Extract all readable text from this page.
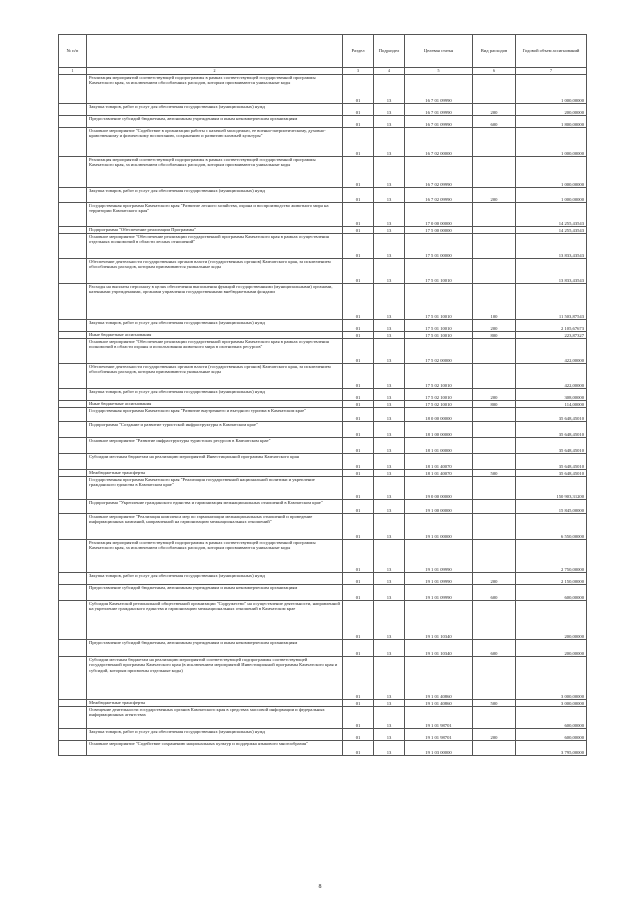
№ п/п		Раздел	Подраздел	Целевая статья	Вид расходов	Годовой объем ассигнований
1	2	3	4	5	6	7
	Реализация мероприятий соответствующей подпрограммы в рамках соответствующей государственной программы Камчатского края, за исключением обособленных расходов, которым присваиваются уникальные коды	01	13	16 7 01 09990		1 000,00000
	Закупка товаров, работ и услуг для обеспечения государственных (муниципальных) нужд	01	13	16 7 01 09990	200	200,00000
	Предоставление субсидий бюджетным, автономным учреждениям и иным некоммерческим организациям	01	13	16 7 01 09990	600	1 800,00000
	Основное мероприятие "Содействие в организации работы с казачьей молодежью, ее военно-патриотическому, духовно-нравственному и физическому воспитанию, сохранению и развитию казачьей культуры"	01	13	16 7 02 00000		1 000,00000
	Реализация мероприятий соответствующей подпрограммы в рамках соответствующей государственной программы Камчатского края, за исключением обособленных расходов, которым присваиваются уникальные коды	01	13	16 7 02 09990		1 000,00000
	Закупка товаров, работ и услуг для обеспечения государственных (муниципальных) нужд	01	13	16 7 02 09990	200	1 000,00000
	Государственная программа Камчатского края "Развитие лесного хозяйства, охрана и воспроизводство животного мира на территории Камчатского края"	01	13	17 0 00 00000		14 255,43543
	Подпрограмма "Обеспечение реализации Программы"	01	13	17 5 00 00000		14 255,43543
	Основное мероприятие "Обеспечение реализации государственной программы Камчатского края в рамках осуществления отдельных полномочий в области лесных отношений"	01	13	17 5 01 00000		13 833,43543
	Обеспечение деятельности государственных органов власти (государственных органов) Камчатского края, за исключением обособленных расходов, которым присваиваются уникальные коды	01	13	17 5 01 10010		13 833,43543
	Расходы на выплаты персоналу в целях обеспечения выполнения функций государственными (муниципальными) органами, казенными учреждениями, органами управления государственными внебюджетными фондами	01	13	17 5 01 10010	100	11 503,87543
	Закупка товаров, работ и услуг для обеспечения государственных (муниципальных) нужд	01	13	17 5 01 10010	200	2 105,67673
	Иные бюджетные ассигнования	01	13	17 5 01 10010	800	223,87327
	Основное мероприятие "Обеспечение реализации государственной программы Камчатского края в рамках осуществления полномочий в области охраны и использования животного мира в охотничьих ресурсов"	01	13	17 5 02 00000		422,00000
	Обеспечение деятельности государственных органов власти (государственных органов) Камчатского края, за исключением обособленных расходов, которым присваиваются уникальные коды	01	13	17 5 02 10010		422,00000
	Закупка товаров, работ и услуг для обеспечения государственных (муниципальных) нужд	01	13	17 5 02 10010	200	308,00000
	Иные бюджетные ассигнования	01	13	17 5 02 10010	800	114,00000
	Государственная программа Камчатского края "Развитие внутреннего и въездного туризма в Камчатском крае"	01	13	18 0 00 00000		35 648,45010
	Подпрограмма "Создание и развитие туристской инфраструктуры в Камчатском крае"	01	13	18 1 00 00000		35 648,45010
	Основное мероприятие "Развитие инфраструктуры туристских ресурсов в Камчатском крае"	01	13	18 1 01 00000		35 648,45010
	Субсидии местным бюджетам на реализацию мероприятий Инвестиционной программы Камчатского края	01	13	18 1 01 40070		35 648,45010
	Межбюджетные трансферты	01	13	18 1 01 40070	500	35 648,45010
	Государственная программа Камчатского края "Реализация государственной национальной политики и укрепление гражданского единства в Камчатском крае"	01	13	19 0 00 00000		150 903,31200
	Подпрограмма "Укрепление гражданского единства и гармонизация межнациональных отношений в Камчатском крае"	01	13	19 1 00 00000		15 845,00000
	Основное мероприятие "Реализация комплекса мер по гармонизации межнациональных отношений и проведение информационных кампаний, направленной на гармонизацию межнациональных отношений"	01	13	19 1 01 00000		6 550,00000
	Реализация мероприятий соответствующей подпрограммы в рамках соответствующей государственной программы Камчатского края, за исключением обособленных расходов, которым присваиваются уникальные коды	01	13	19 1 01 09990		2 750,00000
	Закупка товаров, работ и услуг для обеспечения государственных (муниципальных) нужд	01	13	19 1 01 09990	200	2 150,00000
	Предоставление субсидий бюджетным, автономным учреждениям и иным некоммерческим организациям	01	13	19 1 01 09990	600	600,00000
	Субсидия Камчатской региональной общественной организации "Содружество" на осуществление деятельности, направленной на укрепление гражданского единства и гармонизацию межнациональных отношений в Камчатском крае	01	13	19 1 01 10340		200,00000
	Предоставление субсидий бюджетным, автономным учреждениям и иным некоммерческим организациям	01	13	19 1 01 10340	600	200,00000
	Субсидии местным бюджетам на реализацию мероприятий соответствующей подпрограммы соответствующей государственной программы Камчатского края (в исключением мероприятий Инвестиционной программы Камчатского края и субсидий, которым присвоены отдельные коды)	01	13	19 1 01 40860		3 000,00000
	Межбюджетные трансферты	01	13	19 1 01 40860	500	3 000,00000
	Освещение деятельности государственных органов Камчатского края в средствах массовой информации и федеральных информационных агентствах	01	13	19 1 01 98701		600,00000
	Закупка товаров, работ и услуг для обеспечения государственных (муниципальных) нужд	01	13	19 1 01 98701	200	600,00000
	Основное мероприятие "Содействие сохранению национальных культур и поддержка языкового многообразия"	01	13	19 1 03 00000		3 795,00000
8
